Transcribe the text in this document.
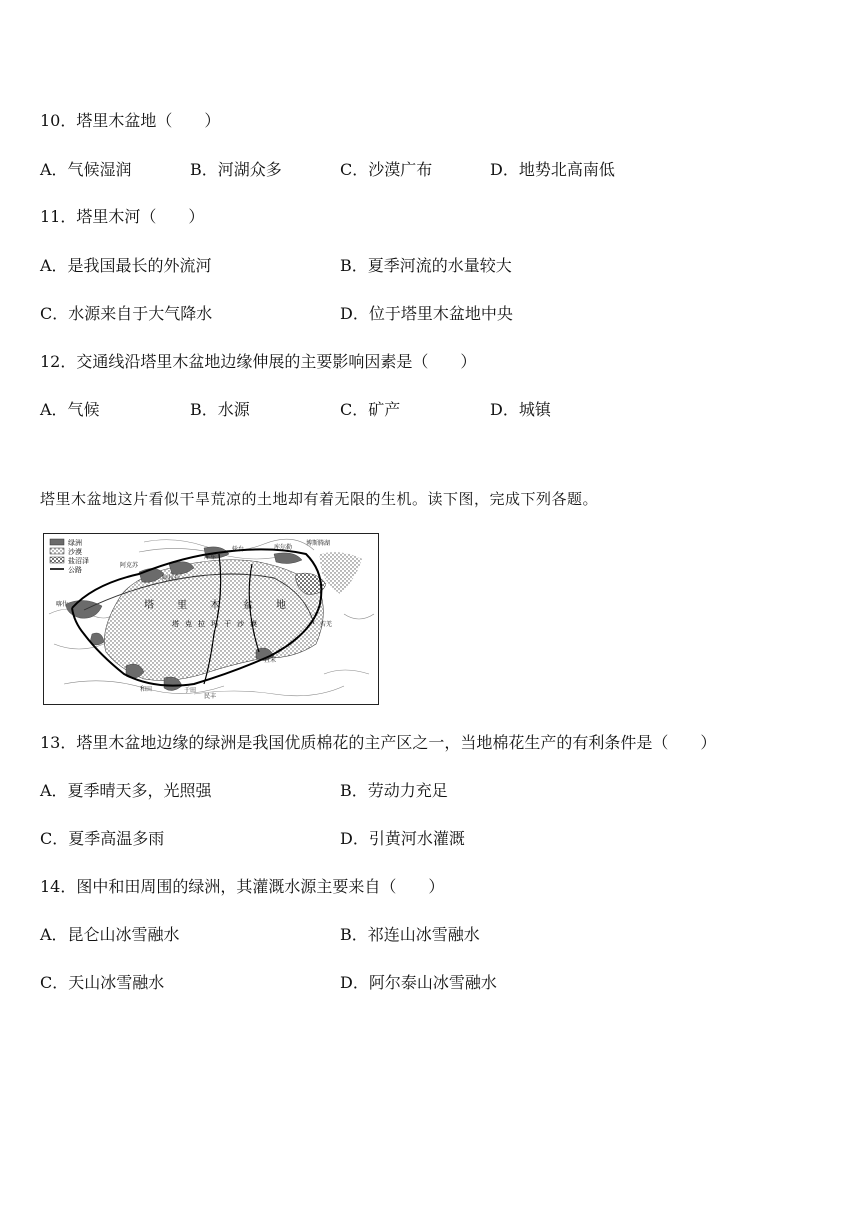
10．塔里木盆地（　　）
A．气候湿润	B．河湖众多	C．沙漠广布	D．地势北高南低
11．塔里木河（　　）
A．是我国最长的外流河	B．夏季河流的水量较大
C．水源来自于大气降水	D．位于塔里木盆地中央
12．交通线沿塔里木盆地边缘伸展的主要影响因素是（　　）
A．气候	B．水源	C．矿产	D．城镇
塔里木盆地这片看似干旱荒凉的土地却有着无限的生机。读下图，完成下列各题。
绿洲
沙漠
盐沼泽
公路
塔 里 木 盆 地
塔克拉玛干沙漠
轮台	库尔勒
博斯腾湖
阿克苏
库车
阿拉尔
喀什
和田	于田
且末
若羌
民丰
13．塔里木盆地边缘的绿洲是我国优质棉花的主产区之一，当地棉花生产的有利条件是（　　）
A．夏季晴天多，光照强	B．劳动力充足
C．夏季高温多雨	D．引黄河水灌溉
14．图中和田周围的绿洲，其灌溉水源主要来自（　　）
A．昆仑山冰雪融水	B．祁连山冰雪融水
C．天山冰雪融水	D．阿尔泰山冰雪融水
